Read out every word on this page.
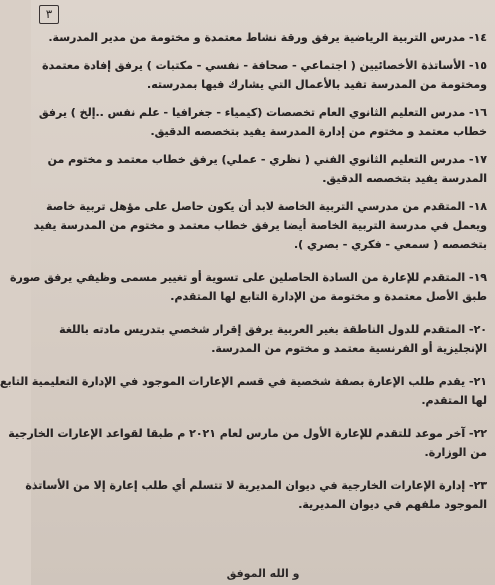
٣
١٤- مدرس التربية الرياضية يرفق ورقة نشاط معتمدة و مختومة من مدير المدرسة.
١٥- الأساتذة الأخصائيين ( اجتماعي - صحافة - نفسي - مكتبات ) يرفق إفادة معتمدة
ومختومة من المدرسة تفيد بالأعمال التي يشارك فيها بمدرسته.
١٦- مدرس التعليم الثانوي العام تخصصات (كيمياء - جغرافيا - علم نفس ..إلخ ) يرفق
خطاب معتمد و مختوم من إدارة المدرسة يفيد بتخصصه الدقيق.
١٧- مدرس التعليم الثانوي الفني ( نظري - عملي) يرفق خطاب معتمد و مختوم من
المدرسة يفيد بتخصصه الدقيق.
١٨- المتقدم من مدرسي التربية الخاصة لابد أن يكون حاصل على مؤهل تربية خاصة
ويعمل في مدرسة التربية الخاصة أيضا يرفق خطاب معتمد و مختوم من المدرسة يفيد
بتخصصه ( سمعي - فكري - بصري ).
١٩- المتقدم للإعارة من السادة الحاصلين على تسوية أو تغيير مسمى وظيفي يرفق صورة
طبق الأصل معتمدة و مختومة من الإدارة التابع لها المتقدم.
٢٠- المتقدم للدول الناطقة بغير العربية يرفق إقرار شخصي بتدريس مادته باللغة
الإنجليزية أو الفرنسية معتمد و مختوم من المدرسة.
٢١- يقدم طلب الإعارة بصفة شخصية في قسم الإعارات الموجود في الإدارة التعليمية التابع
لها المتقدم.
٢٢- آخر موعد للتقدم للإعارة الأول من مارس لعام ٢٠٢١ م طبقا لقواعد الإعارات الخارجية
من الوزارة.
٢٣- إدارة الإعارات الخارجية في ديوان المديرية لا تتسلم أي طلب إعارة إلا من الأساتذة
الموجود ملفهم في ديوان المديرية.
و الله الموفق
